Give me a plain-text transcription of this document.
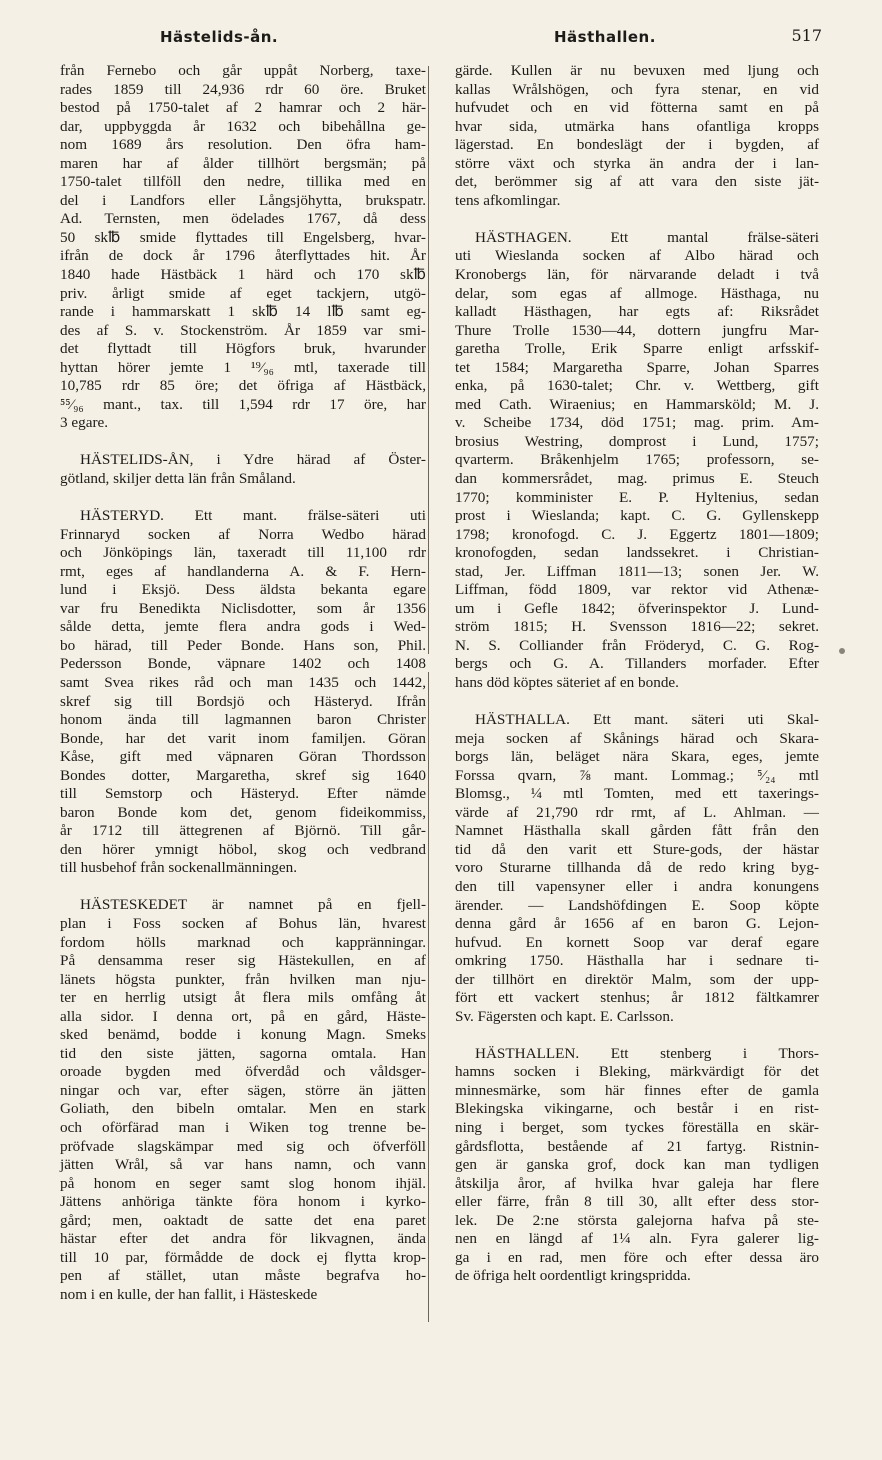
Hästelids-ån.	Hästhallen.	517
från Fernebo och går uppåt Norberg, taxe-
rades 1859 till 24,936 rdr 60 öre. Bruket
bestod på 1750-talet af 2 hamrar och 2 här-
dar, uppbyggda år 1632 och bibehållna ge-
nom 1689 års resolution. Den öfra ham-
maren har af ålder tillhört bergsmän; på
1750-talet tillföll den nedre, tillika med en
del i Landfors eller Långsjöhytta, brukspatr.
Ad. Ternsten, men ödelades 1767, då dess
50 sk℔ smide flyttades till Engelsberg, hvar-
ifrån de dock år 1796 återflyttades hit. År
1840 hade Hästbäck 1 härd och 170 sk℔
priv. årligt smide af eget tackjern, utgö-
rande i hammarskatt 1 sk℔ 14 l℔ samt eg-
des af S. v. Stockenström. År 1859 var smi-
det flyttadt till Högfors bruk, hvarunder
hyttan hörer jemte 1 ¹⁹⁄₉₆ mtl, taxerade till
10,785 rdr 85 öre; det öfriga af Hästbäck,
⁵⁵⁄₉₆ mant., tax. till 1,594 rdr 17 öre, har
3 egare.
HÄSTELIDS-ÅN, i Ydre härad af Öster-
götland, skiljer detta län från Småland.
HÄSTERYD. Ett mant. frälse-säteri uti
Frinnaryd socken af Norra Wedbo härad
och Jönköpings län, taxeradt till 11,100 rdr
rmt, eges af handlanderna A. & F. Hern-
lund i Eksjö. Dess äldsta bekanta egare
var fru Benedikta Niclisdotter, som år 1356
sålde detta, jemte flera andra gods i Wed-
bo härad, till Peder Bonde. Hans son, Phil.
Pedersson Bonde, väpnare 1402 och 1408
samt Svea rikes råd och man 1435 och 1442,
skref sig till Bordsjö och Hästeryd. Ifrån
honom ända till lagmannen baron Christer
Bonde, har det varit inom familjen. Göran
Kåse, gift med väpnaren Göran Thordsson
Bondes dotter, Margaretha, skref sig 1640
till Semstorp och Hästeryd. Efter nämde
baron Bonde kom det, genom fideikommiss,
år 1712 till ättegrenen af Björnö. Till går-
den hörer ymnigt höbol, skog och vedbrand
till husbehof från sockenallmänningen.
HÄSTESKEDET är namnet på en fjell-
plan i Foss socken af Bohus län, hvarest
fordom hölls marknad och kappränningar.
På densamma reser sig Hästekullen, en af
länets högsta punkter, från hvilken man nju-
ter en herrlig utsigt åt flera mils omfång åt
alla sidor. I denna ort, på en gård, Häste-
sked benämd, bodde i konung Magn. Smeks
tid den siste jätten, sagorna omtala. Han
oroade bygden med öfverdåd och våldsger-
ningar och var, efter sägen, större än jätten
Goliath, den bibeln omtalar. Men en stark
och oförfärad man i Wiken tog trenne be-
pröfvade slagskämpar med sig och öfverföll
jätten Wrål, så var hans namn, och vann
på honom en seger samt slog honom ihjäl.
Jättens anhöriga tänkte föra honom i kyrko-
gård; men, oaktadt de satte det ena paret
hästar efter det andra för likvagnen, ända
till 10 par, förmådde de dock ej flytta krop-
pen af stället, utan måste begrafva ho-
nom i en kulle, der han fallit, i Hästeskede
gärde. Kullen är nu bevuxen med ljung och
kallas Wrålshögen, och fyra stenar, en vid
hufvudet och en vid fötterna samt en på
hvar sida, utmärka hans ofantliga kropps
lägerstad. En bondeslägt der i bygden, af
större växt och styrka än andra der i lan-
det, berömmer sig af att vara den siste jät-
tens afkomlingar.
HÄSTHAGEN. Ett mantal frälse-säteri
uti Wieslanda socken af Albo härad och
Kronobergs län, för närvarande deladt i två
delar, som egas af allmoge. Hästhaga, nu
kalladt Hästhagen, har egts af: Riksrådet
Thure Trolle 1530—44, dottern jungfru Mar-
garetha Trolle, Erik Sparre enligt arfsskif-
tet 1584; Margaretha Sparre, Johan Sparres
enka, på 1630-talet; Chr. v. Wettberg, gift
med Cath. Wiraenius; en Hammarsköld; M. J.
v. Scheibe 1734, död 1751; mag. prim. Am-
brosius Westring, domprost i Lund, 1757;
qvarterm. Bråkenhjelm 1765; professorn, se-
dan kommersrådet, mag. primus E. Steuch
1770; komminister E. P. Hyltenius, sedan
prost i Wieslanda; kapt. C. G. Gyllenskepp
1798; kronofogd. C. J. Eggertz 1801—1809;
kronofogden, sedan landssekret. i Christian-
stad, Jer. Liffman 1811—13; sonen Jer. W.
Liffman, född 1809, var rektor vid Athenæ-
um i Gefle 1842; öfverinspektor J. Lund-
ström 1815; H. Svensson 1816—22; sekret.
N. S. Colliander från Fröderyd, C. G. Rog-
bergs och G. A. Tillanders morfader. Efter
hans död köptes säteriet af en bonde.
HÄSTHALLA. Ett mant. säteri uti Skal-
meja socken af Skånings härad och Skara-
borgs län, beläget nära Skara, eges, jemte
Forssa qvarn, ⅞ mant. Lommag.; ⁵⁄₂₄ mtl
Blomsg., ¼ mtl Tomten, med ett taxerings-
värde af 21,790 rdr rmt, af L. Ahlman. —
Namnet Hästhalla skall gården fått från den
tid då den varit ett Sture-gods, der hästar
voro Sturarne tillhanda då de redo kring byg-
den till vapensyner eller i andra konungens
ärender. — Landshöfdingen E. Soop köpte
denna gård år 1656 af en baron G. Lejon-
hufvud. En kornett Soop var deraf egare
omkring 1750. Hästhalla har i sednare ti-
der tillhört en direktör Malm, som der upp-
fört ett vackert stenhus; år 1812 fältkamrer
Sv. Fägersten och kapt. E. Carlsson.
HÄSTHALLEN. Ett stenberg i Thors-
hamns socken i Bleking, märkvärdigt för det
minnesmärke, som här finnes efter de gamla
Blekingska vikingarne, och består i en rist-
ning i berget, som tyckes föreställa en skär-
gårdsflotta, bestående af 21 fartyg. Ristnin-
gen är ganska grof, dock kan man tydligen
åtskilja åror, af hvilka hvar galeja har flere
eller färre, från 8 till 30, allt efter dess stor-
lek. De 2:ne största galejorna hafva på ste-
nen en längd af 1¼ aln. Fyra galerer lig-
ga i en rad, men före och efter dessa äro
de öfriga helt oordentligt kringspridda.
